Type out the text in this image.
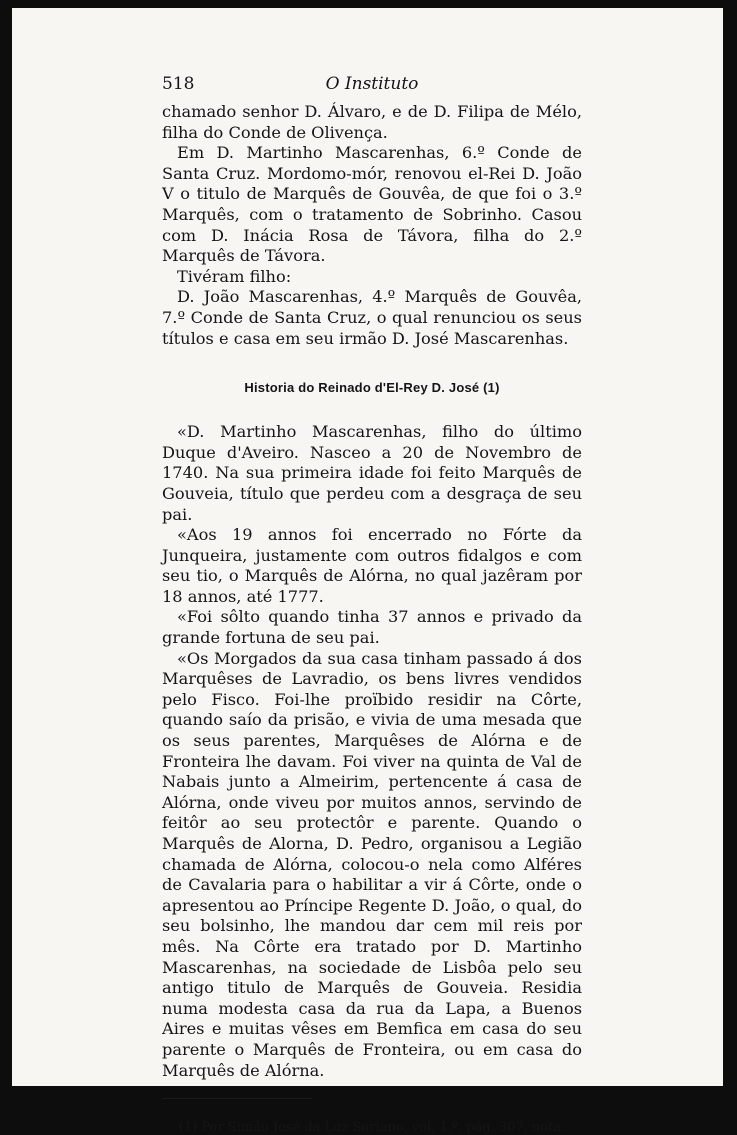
518	O Instituto

chamado senhor D. Álvaro, e de D. Filipa de Mélo, filha do Conde de Olivença.

Em D. Martinho Mascarenhas, 6.º Conde de Santa Cruz. Mordomo-mór, renovou el-Rei D. João V o titulo de Marquês de Gouvêa, de que foi o 3.º Marquês, com o tratamento de Sobrinho. Casou com D. Inácia Rosa de Távora, filha do 2.º Marquês de Távora.

Tivéram filho:

D. João Mascarenhas, 4.º Marquês de Gouvêa, 7.º Conde de Santa Cruz, o qual renunciou os seus títulos e casa em seu irmão D. José Mascarenhas.

Historia do Reinado d'El-Rey D. José (1)

«D. Martinho Mascarenhas, filho do último Duque d'Aveiro. Nasceo a 20 de Novembro de 1740. Na sua primeira idade foi feito Marquês de Gouveia, título que perdeu com a desgraça de seu pai.

«Aos 19 annos foi encerrado no Fórte da Junqueira, justamente com outros fidalgos e com seu tio, o Marquês de Alórna, no qual jazêram por 18 annos, até 1777.

«Foi sôlto quando tinha 37 annos e privado da grande fortuna de seu pai.

«Os Morgados da sua casa tinham passado á dos Marquêses de Lavradio, os bens livres vendidos pelo Fisco. Foi-lhe proïbido residir na Côrte, quando saío da prisão, e vivia de uma mesada que os seus parentes, Marquêses de Alórna e de Fronteira lhe davam. Foi viver na quinta de Val de Nabais junto a Almeirim, pertencente á casa de Alórna, onde viveu por muitos annos, servindo de feitôr ao seu protectôr e parente. Quando o Marquês de Alorna, D. Pedro, organisou a Legião chamada de Alórna, colocou-o nela como Alféres de Cavalaria para o habilitar a vir á Côrte, onde o apresentou ao Príncipe Regente D. João, o qual, do seu bolsinho, lhe mandou dar cem mil reis por mês. Na Côrte era tratado por D. Martinho Mascarenhas, na sociedade de Lisbôa pelo seu antigo titulo de Marquês de Gouveia. Residia numa modesta casa da rua da Lapa, a Buenos Aires e muitas vêses em Bemfica em casa do seu parente o Marquês de Fronteira, ou em casa do Marquês de Alórna.

(1) Por Simão José da Luz Soriano, vol, 1.º, pág. 307, nota.
